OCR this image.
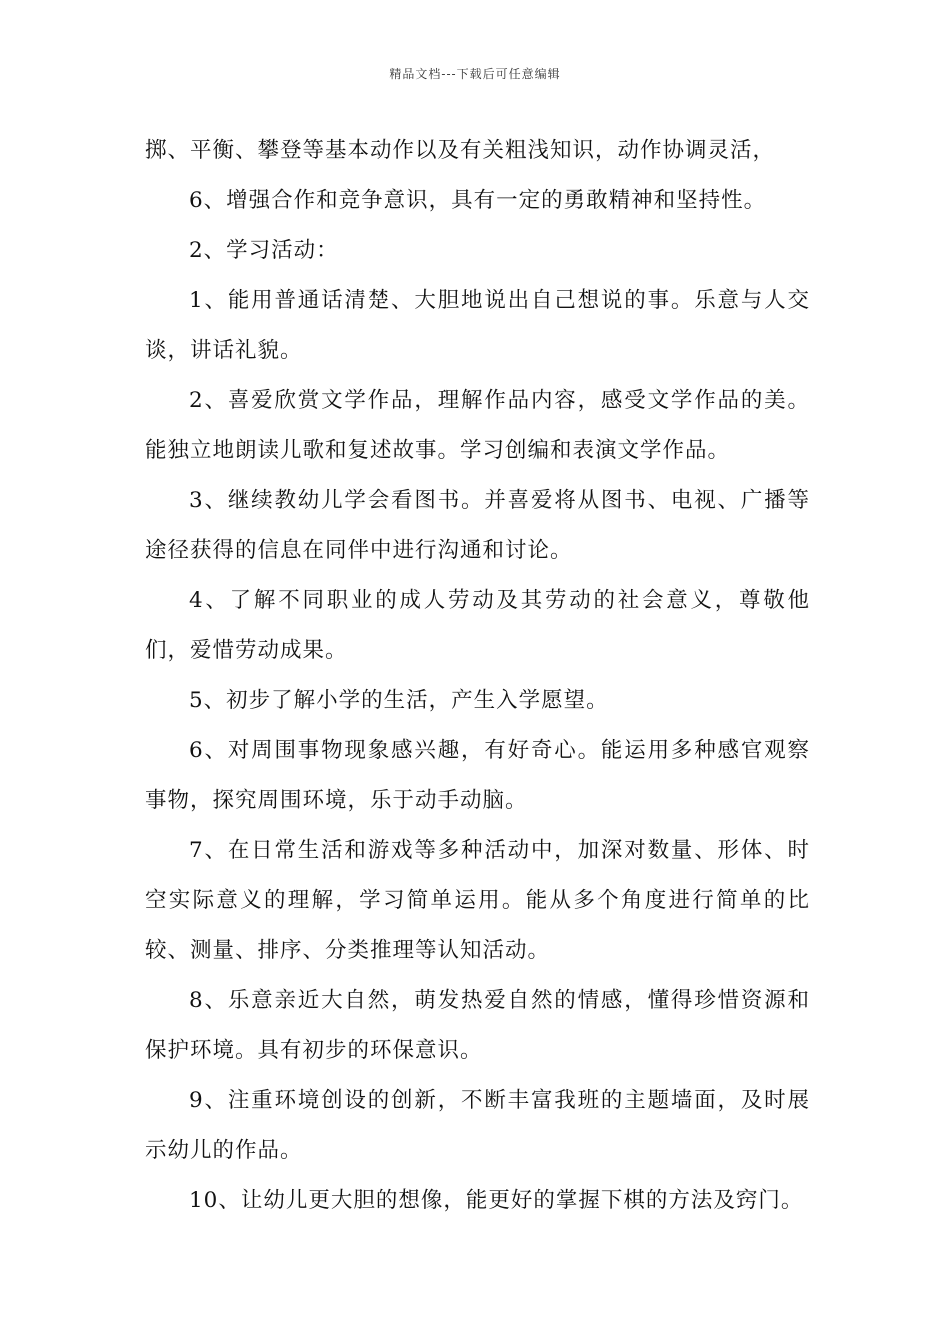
精品文档---下载后可任意编辑

掷、平衡、攀登等基本动作以及有关粗浅知识，动作协调灵活，

6、增强合作和竞争意识，具有一定的勇敢精神和坚持性。

2、学习活动：

1、能用普通话清楚、大胆地说出自己想说的事。乐意与人交谈，讲话礼貌。

2、喜爱欣赏文学作品，理解作品内容，感受文学作品的美。能独立地朗读儿歌和复述故事。学习创编和表演文学作品。

3、继续教幼儿学会看图书。并喜爱将从图书、电视、广播等途径获得的信息在同伴中进行沟通和讨论。

4、了解不同职业的成人劳动及其劳动的社会意义，尊敬他们，爱惜劳动成果。

5、初步了解小学的生活，产生入学愿望。

6、对周围事物现象感兴趣，有好奇心。能运用多种感官观察事物，探究周围环境，乐于动手动脑。

7、在日常生活和游戏等多种活动中，加深对数量、形体、时空实际意义的理解，学习简单运用。能从多个角度进行简单的比较、测量、排序、分类推理等认知活动。

8、乐意亲近大自然，萌发热爱自然的情感，懂得珍惜资源和保护环境。具有初步的环保意识。

9、注重环境创设的创新，不断丰富我班的主题墙面，及时展示幼儿的作品。

10、让幼儿更大胆的想像，能更好的掌握下棋的方法及窍门。
